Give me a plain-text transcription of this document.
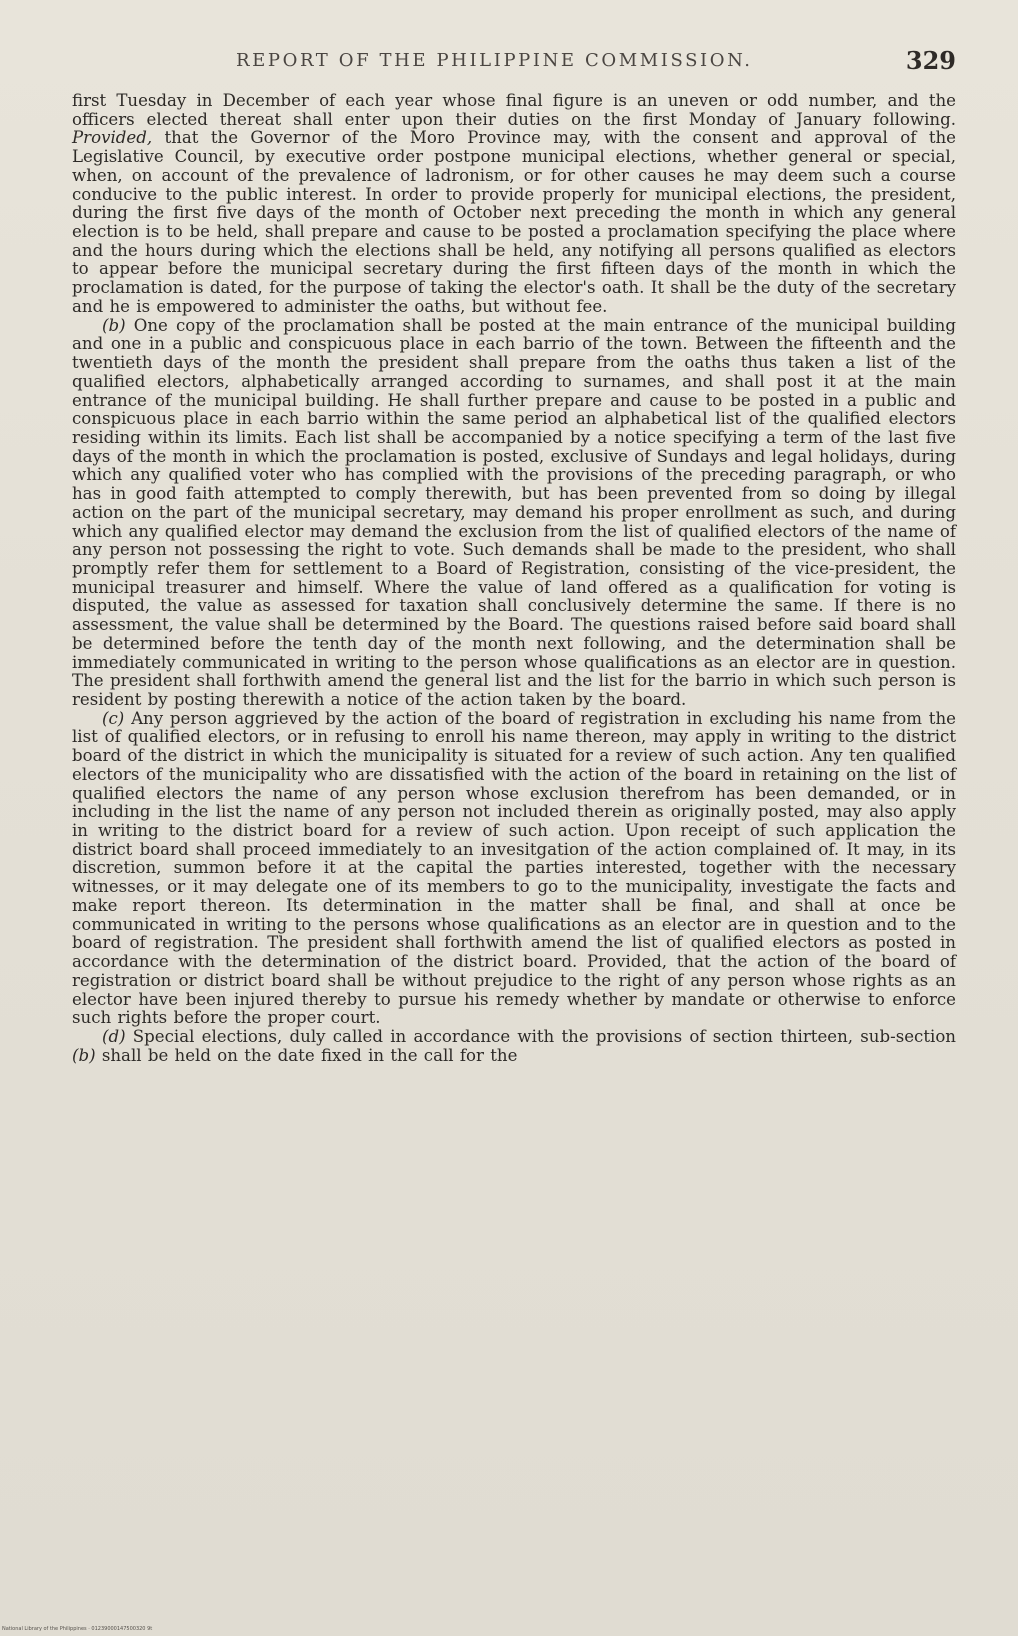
REPORT OF THE PHILIPPINE COMMISSION.	329

first Tuesday in December of each year whose final figure is an uneven or odd number, and the officers elected thereat shall enter upon their duties on the first Monday of January following. Provided, that the Governor of the Moro Province may, with the consent and approval of the Legislative Council, by executive order postpone municipal elections, whether general or special, when, on account of the prevalence of ladronism, or for other causes he may deem such a course conducive to the public interest. In order to provide properly for municipal elections, the president, during the first five days of the month of October next preceding the month in which any general election is to be held, shall prepare and cause to be posted a proclamation specifying the place where and the hours during which the elections shall be held, any notifying all persons qualified as electors to appear before the municipal secretary during the first fifteen days of the month in which the proclamation is dated, for the purpose of taking the elector's oath. It shall be the duty of the secretary and he is empowered to administer the oaths, but without fee.

(b) One copy of the proclamation shall be posted at the main entrance of the municipal building and one in a public and conspicuous place in each barrio of the town. Between the fifteenth and the twentieth days of the month the president shall prepare from the oaths thus taken a list of the qualified electors, alphabetically arranged according to surnames, and shall post it at the main entrance of the municipal building. He shall further prepare and cause to be posted in a public and conspicuous place in each barrio within the same period an alphabetical list of the qualified electors residing within its limits. Each list shall be accompanied by a notice specifying a term of the last five days of the month in which the proclamation is posted, exclusive of Sundays and legal holidays, during which any qualified voter who has complied with the provisions of the preceding paragraph, or who has in good faith attempted to comply therewith, but has been prevented from so doing by illegal action on the part of the municipal secretary, may demand his proper enrollment as such, and during which any qualified elector may demand the exclusion from the list of qualified electors of the name of any person not possessing the right to vote. Such demands shall be made to the president, who shall promptly refer them for settlement to a Board of Registration, consisting of the vice-president, the municipal treasurer and himself. Where the value of land offered as a qualification for voting is disputed, the value as assessed for taxation shall conclusively determine the same. If there is no assessment, the value shall be determined by the Board. The questions raised before said board shall be determined before the tenth day of the month next following, and the determination shall be immediately communicated in writing to the person whose qualifications as an elector are in question. The president shall forthwith amend the general list and the list for the barrio in which such person is resident by posting therewith a notice of the action taken by the board.

(c) Any person aggrieved by the action of the board of registration in excluding his name from the list of qualified electors, or in refusing to enroll his name thereon, may apply in writing to the district board of the district in which the municipality is situated for a review of such action. Any ten qualified electors of the municipality who are dissatisfied with the action of the board in retaining on the list of qualified electors the name of any person whose exclusion therefrom has been demanded, or in including in the list the name of any person not included therein as originally posted, may also apply in writing to the district board for a review of such action. Upon receipt of such application the district board shall proceed immediately to an invesitgation of the action complained of. It may, in its discretion, summon before it at the capital the parties interested, together with the necessary witnesses, or it may delegate one of its members to go to the municipality, investigate the facts and make report thereon. Its determination in the matter shall be final, and shall at once be communicated in writing to the persons whose qualifications as an elector are in question and to the board of registration. The president shall forthwith amend the list of qualified electors as posted in accordance with the determination of the district board. Provided, that the action of the board of registration or district board shall be without prejudice to the right of any person whose rights as an elector have been injured thereby to pursue his remedy whether by mandate or otherwise to enforce such rights before the proper court.

(d) Special elections, duly called in accordance with the provisions of section thirteen, sub-section (b) shall be held on the date fixed in the call for the

National Library of the Philippines · 01239000147500320 9t
